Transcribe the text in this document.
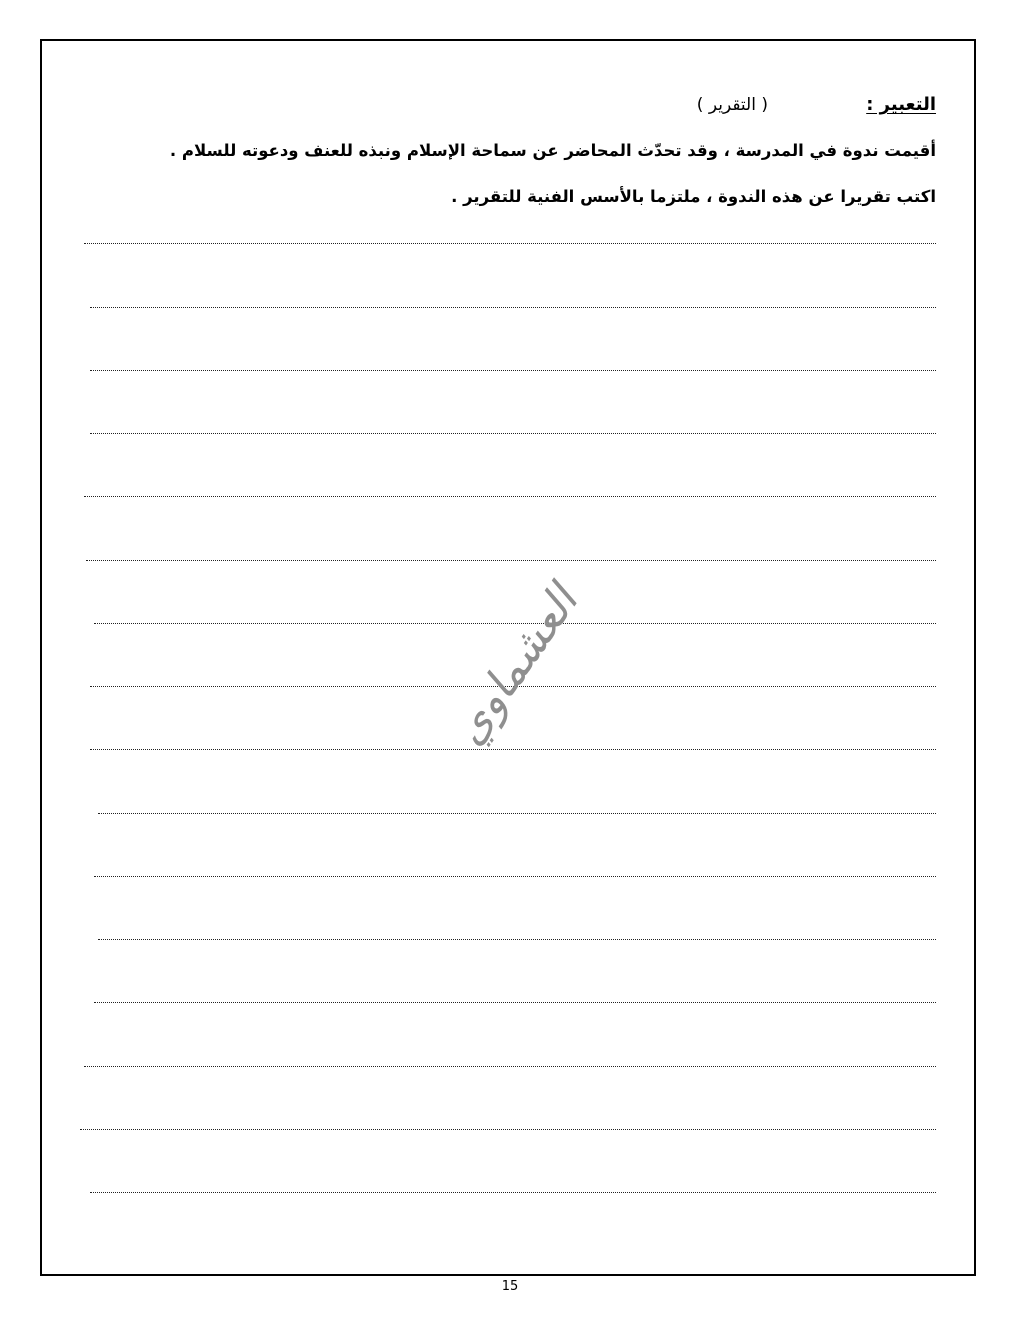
التعبير :
( التقرير )
أقيمت ندوة في المدرسة ، وقد تحدّث المحاضر عن سماحة الإسلام ونبذه للعنف ودعوته للسلام .
اكتب تقريرا عن هذه الندوة ، ملتزما بالأسس الفنية للتقرير .
العشماوي
15
